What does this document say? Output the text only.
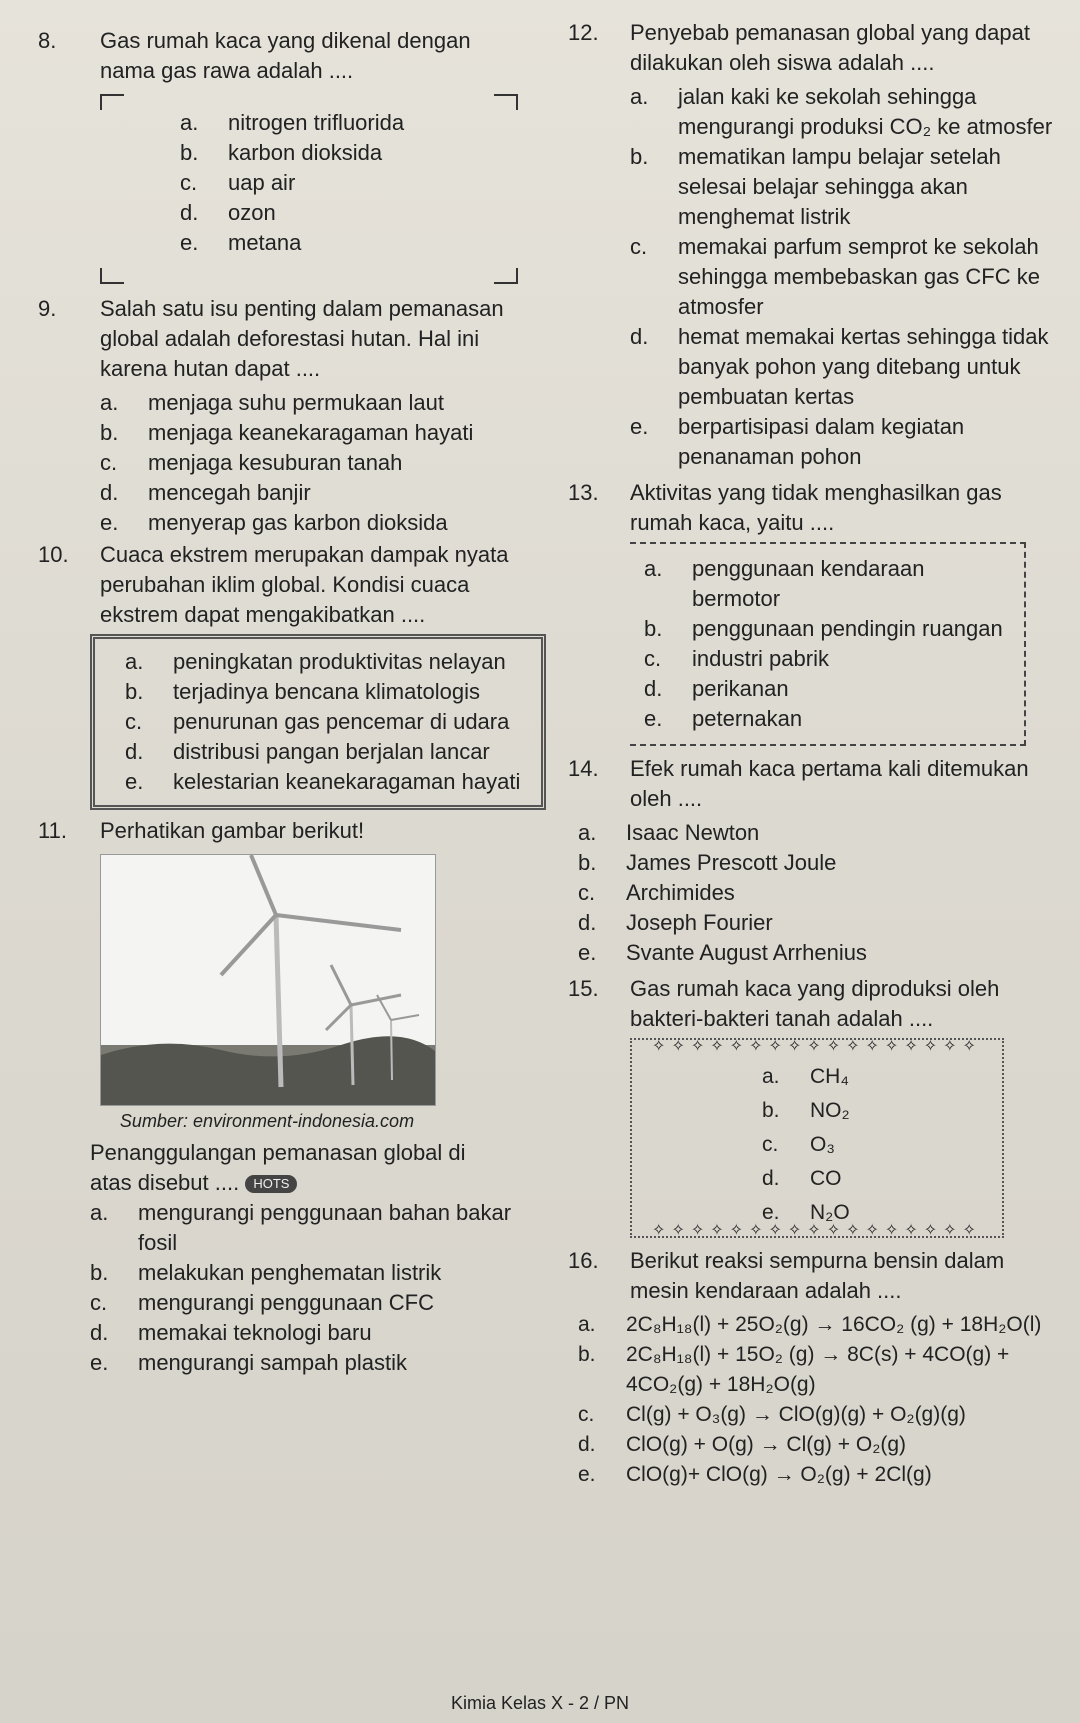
8.	Gas rumah kaca yang dikenal dengan nama gas rawa adalah ....
a.	nitrogen trifluorida
b.	karbon dioksida
c.	uap air
d.	ozon
e.	metana
9.	Salah satu isu penting dalam pemanasan global adalah deforestasi hutan. Hal ini karena hutan dapat ....
a.	menjaga suhu permukaan laut
b.	menjaga keanekaragaman hayati
c.	menjaga kesuburan tanah
d.	mencegah banjir
e.	menyerap gas karbon dioksida
10.	Cuaca ekstrem merupakan dampak nyata perubahan iklim global. Kondisi cuaca ekstrem dapat mengakibatkan ....
a.	peningkatan produktivitas nelayan
b.	terjadinya bencana klimatologis
c.	penurunan gas pencemar di udara
d.	distribusi pangan berjalan lancar
e.	kelestarian keanekaragaman hayati
11.	Perhatikan gambar berikut!
Sumber: environment-indonesia.com
Penanggulangan pemanasan global di atas disebut .... HOTS
a.	mengurangi penggunaan bahan bakar fosil
b.	melakukan penghematan listrik
c.	mengurangi penggunaan CFC
d.	memakai teknologi baru
e.	mengurangi sampah plastik
12.	Penyebab pemanasan global yang dapat dilakukan oleh siswa adalah ....
a.	jalan kaki ke sekolah sehingga mengurangi produksi CO₂ ke atmosfer
b.	mematikan lampu belajar setelah selesai belajar sehingga akan menghemat listrik
c.	memakai parfum semprot ke sekolah sehingga membebaskan gas CFC ke atmosfer
d.	hemat memakai kertas sehingga tidak banyak pohon yang ditebang untuk pembuatan kertas
e.	berpartisipasi dalam kegiatan penanaman pohon
13.	Aktivitas yang tidak menghasilkan gas rumah kaca, yaitu ....
a.	penggunaan kendaraan bermotor
b.	penggunaan pendingin ruangan
c.	industri pabrik
d.	perikanan
e.	peternakan
14.	Efek rumah kaca pertama kali ditemukan oleh ....
a.	Isaac Newton
b.	James Prescott Joule
c.	Archimides
d.	Joseph Fourier
e.	Svante August Arrhenius
15.	Gas rumah kaca yang diproduksi oleh bakteri-bakteri tanah adalah ....
✧✧✧✧✧✧✧✧✧✧✧✧✧✧✧✧✧
✧✧✧✧✧✧✧✧✧✧✧✧✧✧✧✧✧
a.	CH₄
b.	NO₂
c.	O₃
d.	CO
e.	N₂O
16.	Berikut reaksi sempurna bensin dalam mesin kendaraan adalah ....
a.	2C₈H₁₈(l) + 25O₂(g) → 16CO₂ (g) + 18H₂O(l)
b.	2C₈H₁₈(l) + 15O₂ (g) → 8C(s) + 4CO(g) + 4CO₂(g) + 18H₂O(g)
c.	Cl(g) + O₃(g) → ClO(g)(g) + O₂(g)(g)
d.	ClO(g) + O(g) → Cl(g) + O₂(g)
e.	ClO(g)+ ClO(g) → O₂(g) + 2Cl(g)
Kimia Kelas X - 2 / PN
